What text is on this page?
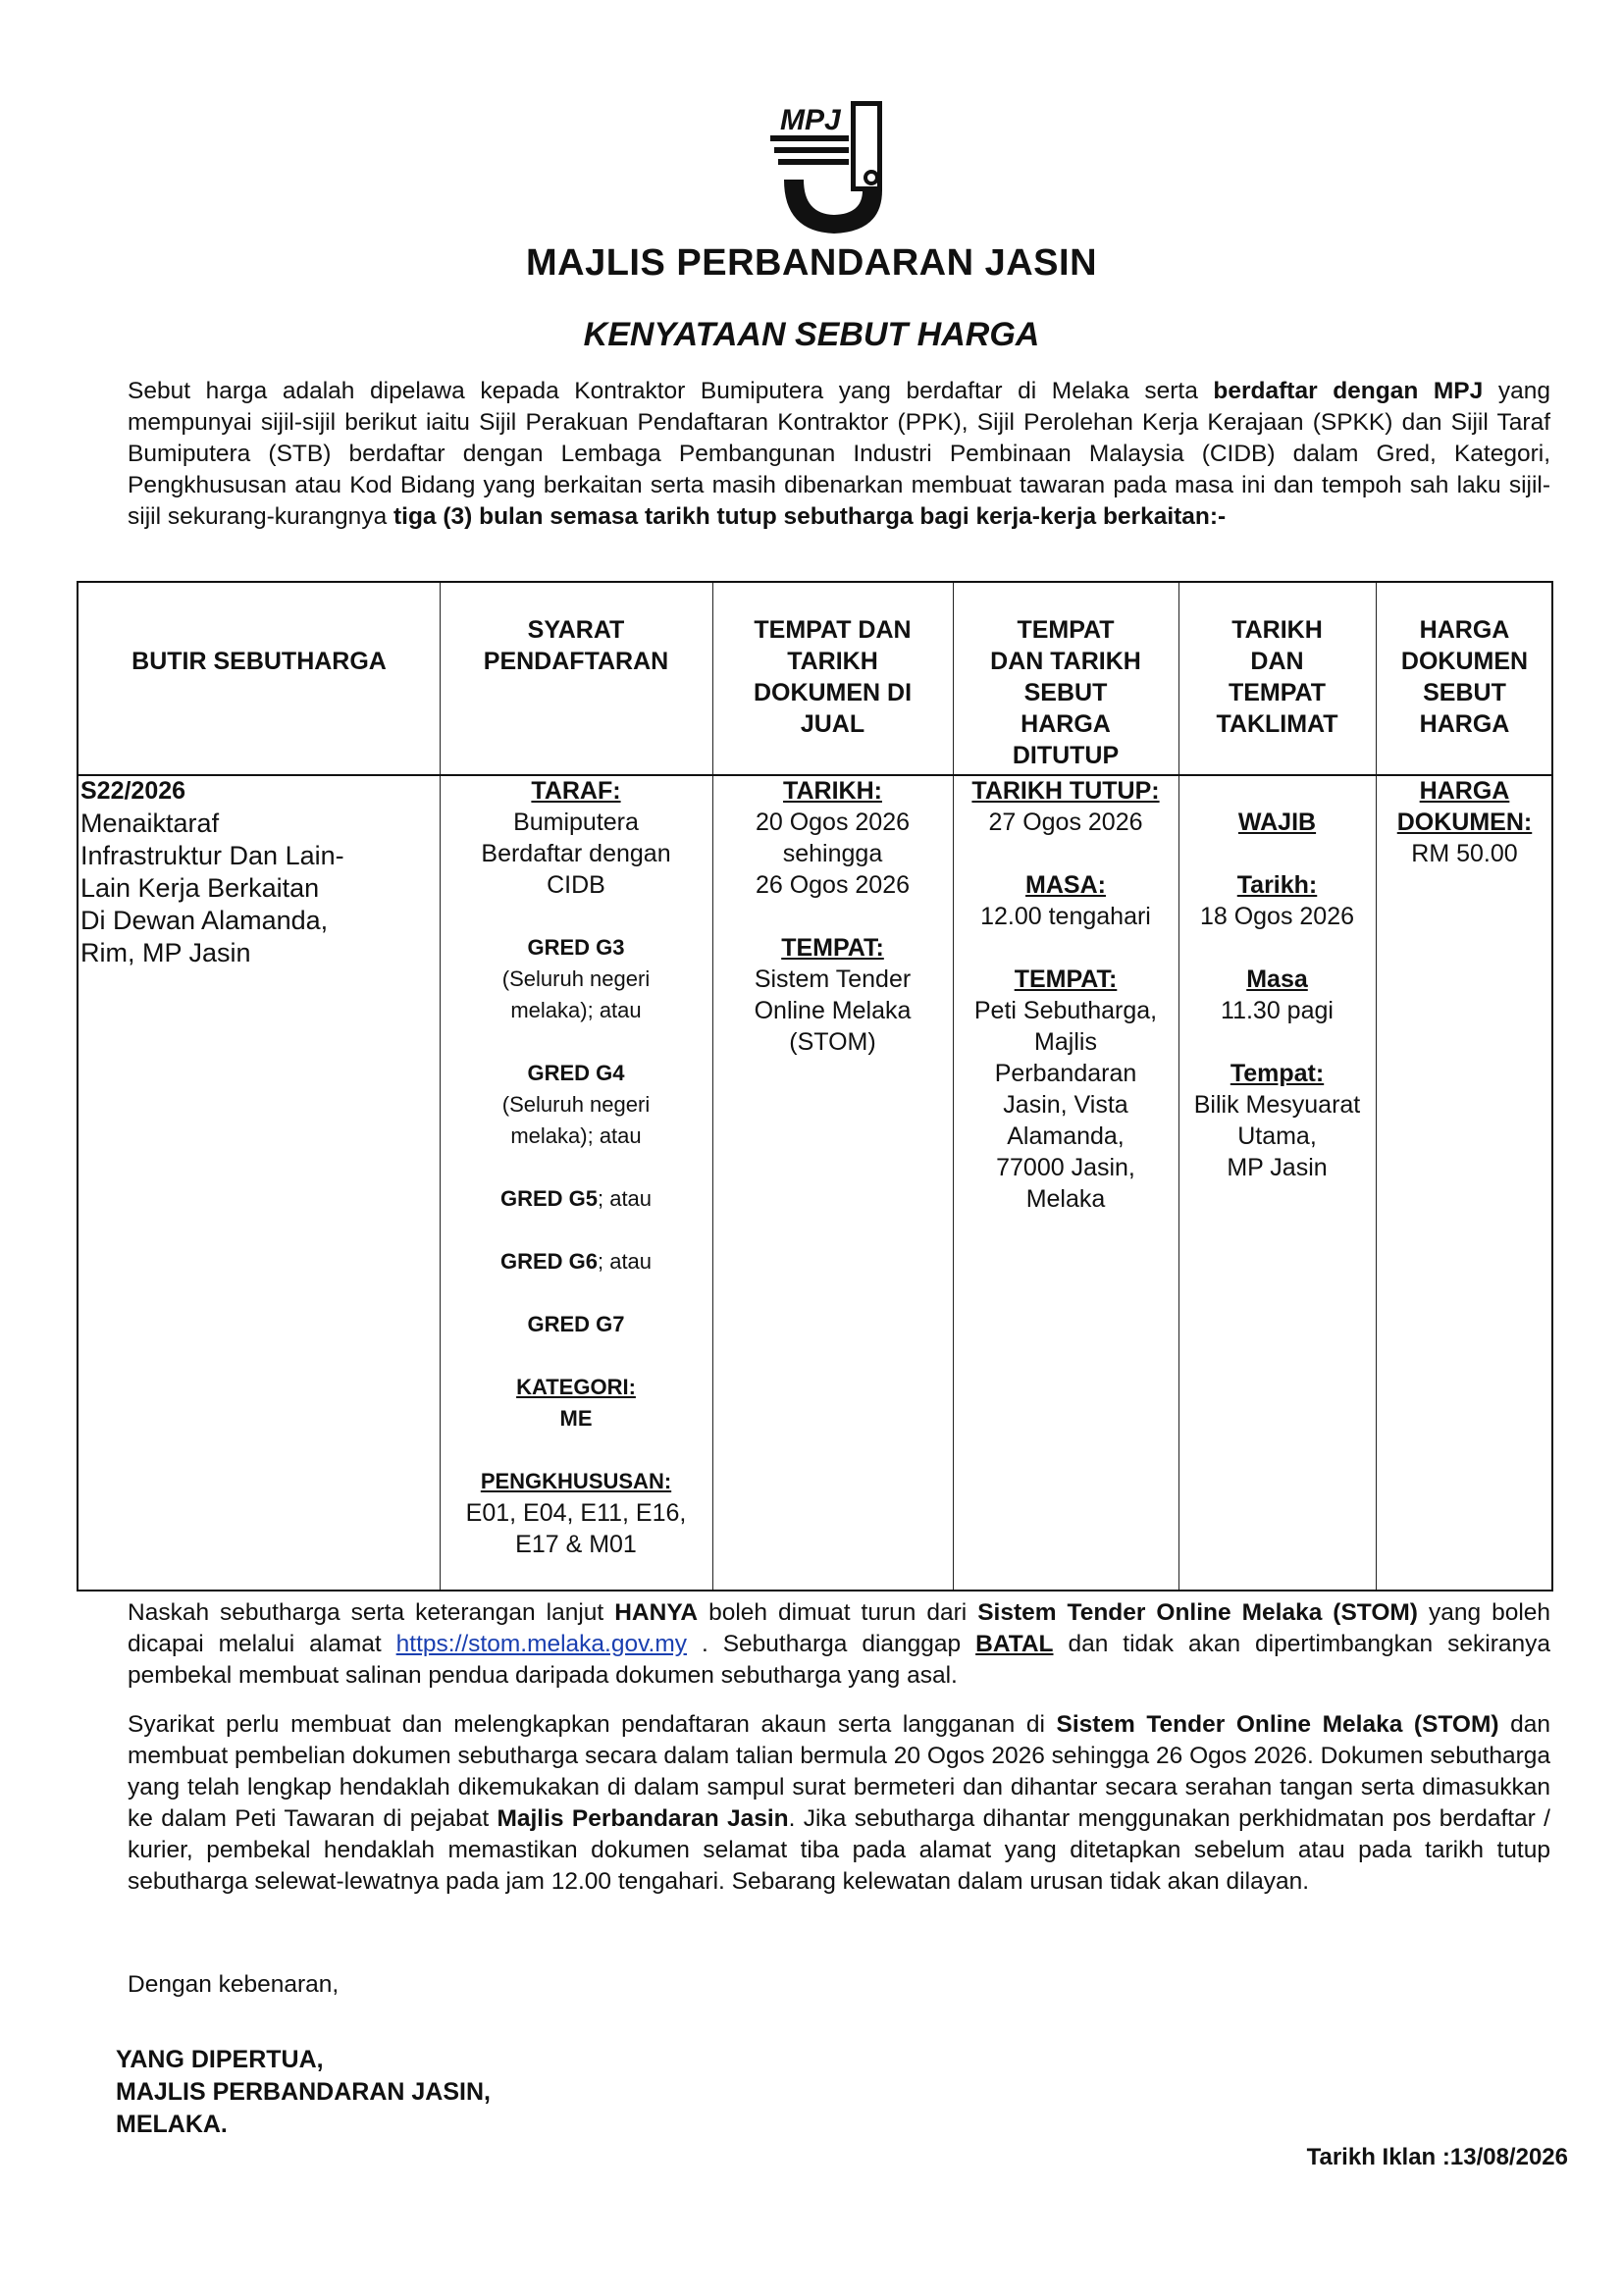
MPJ
MAJLIS PERBANDARAN JASIN
KENYATAAN SEBUT HARGA
Sebut harga adalah dipelawa kepada Kontraktor Bumiputera yang berdaftar di Melaka serta berdaftar dengan MPJ yang mempunyai sijil-sijil berikut iaitu Sijil Perakuan Pendaftaran Kontraktor (PPK), Sijil Perolehan Kerja Kerajaan (SPKK) dan Sijil Taraf Bumiputera (STB) berdaftar dengan Lembaga Pembangunan Industri Pembinaan Malaysia (CIDB) dalam Gred, Kategori, Pengkhususan atau Kod Bidang yang berkaitan serta masih dibenarkan membuat tawaran pada masa ini dan tempoh sah laku sijil-sijil sekurang-kurangnya tiga (3) bulan semasa tarikh tutup sebutharga bagi kerja-kerja berkaitan:-
BUTIR SEBUTHARGA
SYARAT
PENDAFTARAN
TEMPAT DAN
TARIKH
DOKUMEN DI
JUAL
TEMPAT
DAN TARIKH
SEBUT
HARGA
DITUTUP
TARIKH
DAN
TEMPAT
TAKLIMAT
HARGA
DOKUMEN
SEBUT
HARGA
S22/2026
Menaiktaraf
Infrastruktur Dan Lain-
Lain Kerja Berkaitan
Di Dewan Alamanda,
Rim, MP Jasin
TARAF:
Bumiputera
Berdaftar dengan
CIDB
GRED G3
(Seluruh negeri
melaka); atau
GRED G4
(Seluruh negeri
melaka); atau
GRED G5; atau
GRED G6; atau
GRED G7
KATEGORI:
ME
PENGKHUSUSAN:
E01, E04, E11, E16,
E17 & M01
TARIKH:
20 Ogos 2026
sehingga
26 Ogos 2026
TEMPAT:
Sistem Tender
Online Melaka
(STOM)
TARIKH TUTUP:
27 Ogos 2026
MASA:
12.00 tengahari
TEMPAT:
Peti Sebutharga,
Majlis
Perbandaran
Jasin, Vista
Alamanda,
77000 Jasin,
Melaka
WAJIB
Tarikh:
18 Ogos 2026
Masa
11.30 pagi
Tempat:
Bilik Mesyuarat
Utama,
MP Jasin
HARGA
DOKUMEN:
RM 50.00
Naskah sebutharga serta keterangan lanjut HANYA boleh dimuat turun dari Sistem Tender Online Melaka (STOM) yang boleh dicapai melalui alamat https://stom.melaka.gov.my . Sebutharga dianggap BATAL dan tidak akan dipertimbangkan sekiranya pembekal membuat salinan pendua daripada dokumen sebutharga yang asal.
Syarikat perlu membuat dan melengkapkan pendaftaran akaun serta langganan di Sistem Tender Online Melaka (STOM) dan membuat pembelian dokumen sebutharga secara dalam talian bermula 20 Ogos 2026 sehingga 26 Ogos 2026. Dokumen sebutharga yang telah lengkap hendaklah dikemukakan di dalam sampul surat bermeteri dan dihantar secara serahan tangan serta dimasukkan ke dalam Peti Tawaran di pejabat Majlis Perbandaran Jasin. Jika sebutharga dihantar menggunakan perkhidmatan pos berdaftar / kurier, pembekal hendaklah memastikan dokumen selamat tiba pada alamat yang ditetapkan sebelum atau pada tarikh tutup sebutharga selewat-lewatnya pada jam 12.00 tengahari. Sebarang kelewatan dalam urusan tidak akan dilayan.
Dengan kebenaran,
YANG DIPERTUA,
MAJLIS PERBANDARAN JASIN,
MELAKA.
Tarikh Iklan :13/08/2026
